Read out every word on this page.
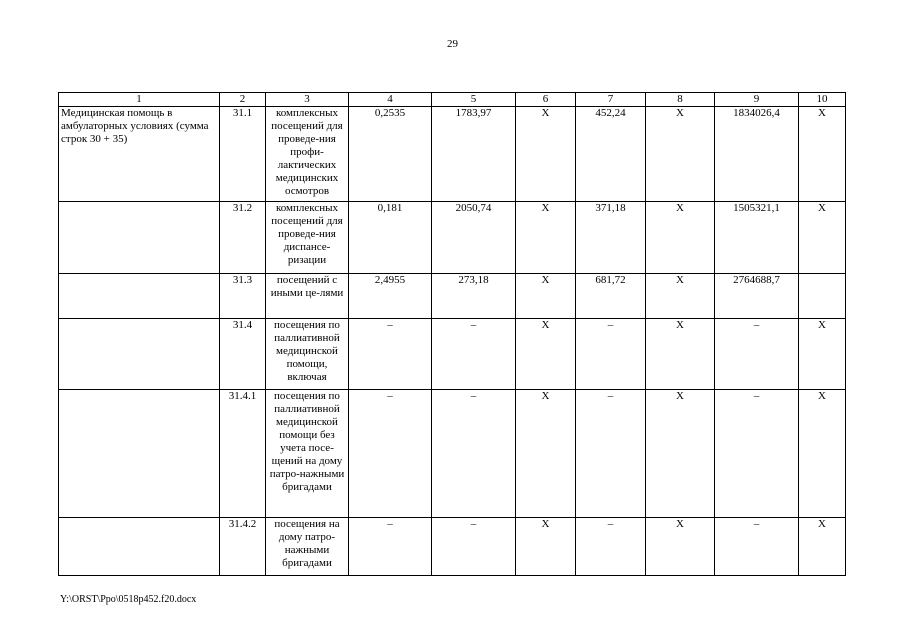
29
1	2	3	4	5	6	7	8	9	10
Медицинская помощь в амбулаторных условиях (сумма строк 30 + 35)	31.1	комплексных посещений для проведе-ния профи-лактических медицинских осмотров	0,2535	1783,97	X	452,24	X	1834026,4	X
	31.2	комплексных посещений для проведе-ния диспансе-ризации	0,181	2050,74	X	371,18	X	1505321,1	X
	31.3	посещений с иными це-лями	2,4955	273,18	X	681,72	X	2764688,7	
	31.4	посещения по паллиативной медицинской помощи, включая	–	–	X	–	X	–	X
	31.4.1	посещения по паллиативной медицинской помощи без учета посе-щений на дому патро-нажными бригадами	–	–	X	–	X	–	X
	31.4.2	посещения на дому патро-нажными бригадами	–	–	X	–	X	–	X
Y:\ORST\Ppo\0518p452.f20.docx
